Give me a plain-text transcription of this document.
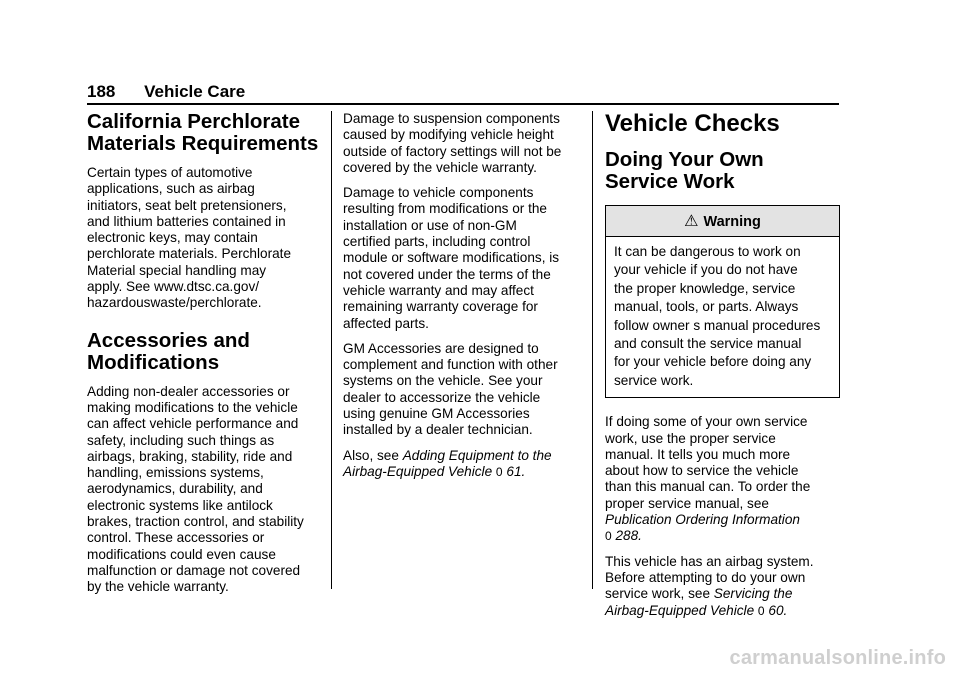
188 Vehicle Care
California Perchlorate
Materials Requirements

Certain types of automotive
applications, such as airbag
initiators, seat belt pretensioners,
and lithium batteries contained in
electronic keys, may contain
perchlorate materials. Perchlorate
Material special handling may
apply. See www.dtsc.ca.gov/
hazardouswaste/perchlorate.

Accessories and
Modifications

Adding non-dealer accessories or
making modifications to the vehicle
can affect vehicle performance and
safety, including such things as
airbags, braking, stability, ride and
handling, emissions systems,
aerodynamics, durability, and
electronic systems like antilock
brakes, traction control, and stability
control. These accessories or
modifications could even cause
malfunction or damage not covered
by the vehicle warranty.

Damage to suspension components
caused by modifying vehicle height
outside of factory settings will not be
covered by the vehicle warranty.

Damage to vehicle components
resulting from modifications or the
installation or use of non-GM
certified parts, including control
module or software modifications, is
not covered under the terms of the
vehicle warranty and may affect
remaining warranty coverage for
affected parts.

GM Accessories are designed to
complement and function with other
systems on the vehicle. See your
dealer to accessorize the vehicle
using genuine GM Accessories
installed by a dealer technician.

Also, see Adding Equipment to the
Airbag-Equipped Vehicle 0 61.

Vehicle Checks
Doing Your Own
Service Work
⚠ Warning
It can be dangerous to work on
your vehicle if you do not have
the proper knowledge, service
manual, tools, or parts. Always
follow owner s manual procedures
and consult the service manual
for your vehicle before doing any
service work.

If doing some of your own service
work, use the proper service
manual. It tells you much more
about how to service the vehicle
than this manual can. To order the
proper service manual, see

Publication Ordering Information
0 288.

This vehicle has an airbag system.
Before attempting to do your own
service work, see Servicing the
Airbag-Equipped Vehicle 0 60.

carmanualsonline.info
